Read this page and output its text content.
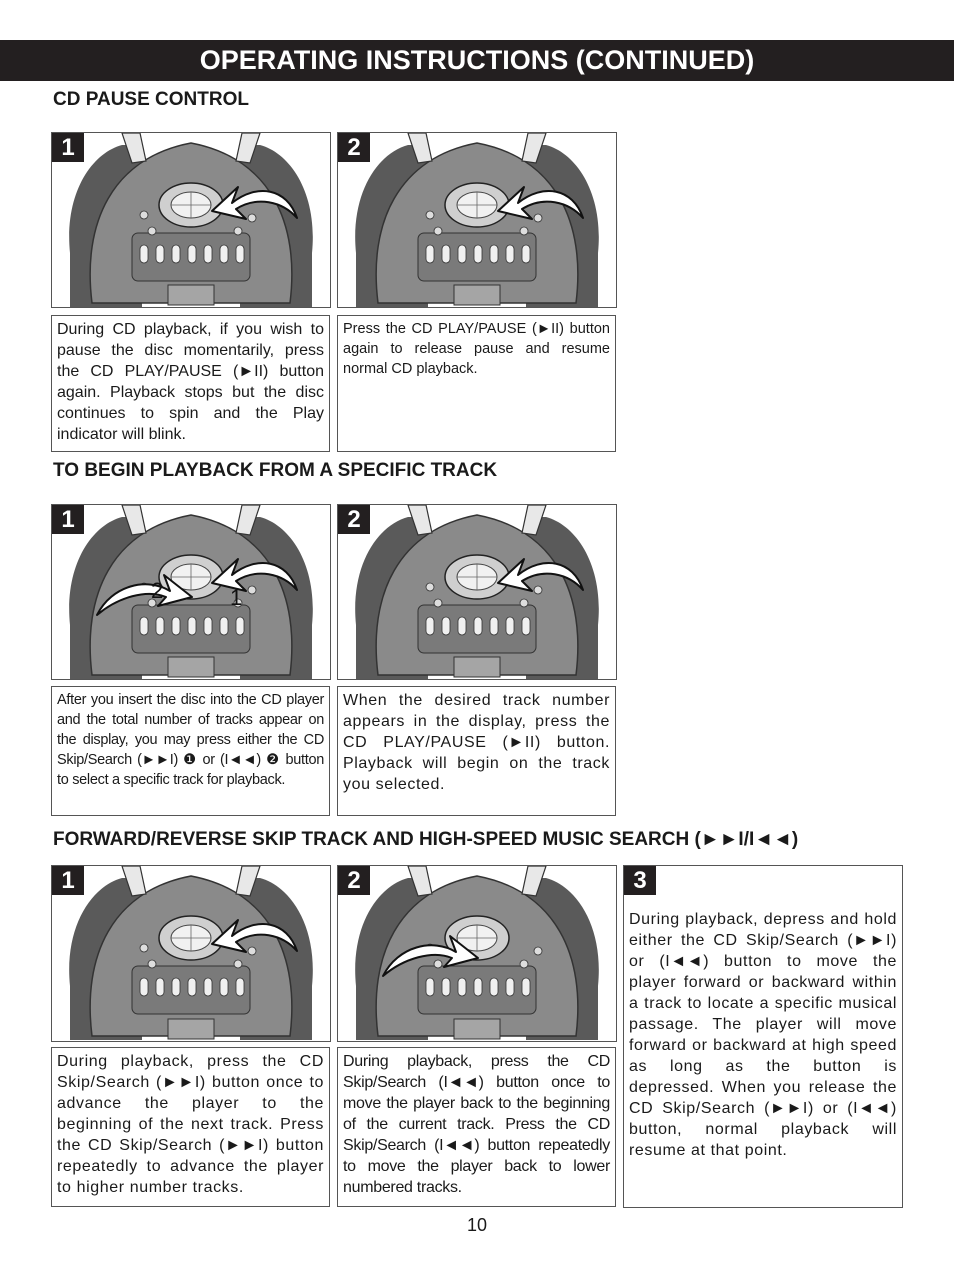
OPERATING INSTRUCTIONS (CONTINUED)
CD PAUSE CONTROL
1	2
During CD playback, if you wish to pause the disc momentarily, press the CD PLAY/PAUSE (►II) button again. Playback stops but the disc continues to spin and the Play indicator will blink.
Press the CD PLAY/PAUSE (►II) button again to release pause and resume normal CD playback.
TO BEGIN PLAYBACK FROM A SPECIFIC TRACK
1
2	1
2
After you insert the disc into the CD player and the total number of tracks appear on the display, you may press either the CD Skip/Search (►►I) ❶ or (I◄◄) ❷ button to select a specific track for playback.
When the desired track number appears in the display, press the CD PLAY/PAUSE (►II) button. Playback will begin on the track you selected.
FORWARD/REVERSE SKIP TRACK AND HIGH-SPEED MUSIC SEARCH (►►I/I◄◄)
1	2	3
During playback, depress and hold either the CD Skip/Search (►►I) or (I◄◄) button to move the player forward or backward within a track to locate a specific musical passage. The player will move forward or backward at high speed as long as the button is depressed. When you release the CD Skip/Search (►►I) or (I◄◄) button, normal playback will resume at that point.
During playback, press the CD Skip/Search (►►I) button once to advance the player to the beginning of the next track. Press the CD Skip/Search (►►I) button repeatedly to advance the player to higher number tracks.
During playback, press the CD Skip/Search (I◄◄) button once to move the player back to the beginning of the current track. Press the CD Skip/Search (I◄◄) button repeatedly to move the player back to lower numbered tracks.
10
